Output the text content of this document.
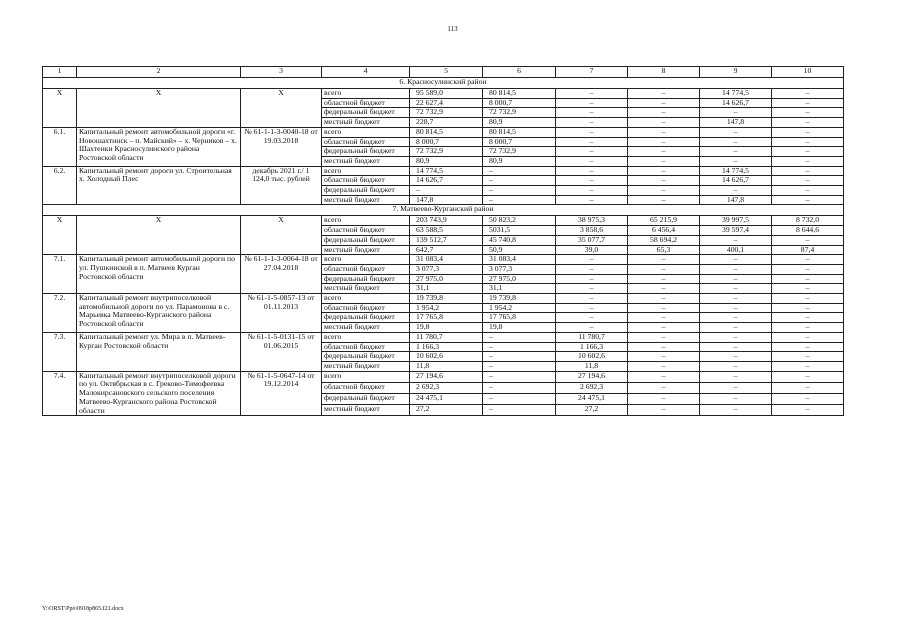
113
1	2	3	4	5	6	7	8	9	10
6. Красносулинский район									
Х	Х	Х	всего	95 589,0	80 814,5	–	–	14 774,5	–
			областной бюджет	22 627,4	8 000,7	–	–	14 626,7	–
			федеральный бюджет	72 732,9	72 732,9	–	–	–	–
			местный бюджет	228,7	80,9	–	–	147,8	–
6.1.	Капитальный ремонт автомобильной дороги «г. Новошахтинск – п. Майский» – х. Черников – х. Шахтенки Красносулинского района Ростовской области	№ 61-1-1-3-0040-18 от 19.03.2018	всего	80 814,5	80 814,5	–	–	–	–
			областной бюджет	8 000,7	8 000,7	–	–	–	–
			федеральный бюджет	72 732,9	72 732,9	–	–	–	–
			местный бюджет	80,9	80,9	–	–	–	–
6.2.	Капитальный ремонт дороги ул. Строительная х. Холодный Плес	декабрь 2021 г./ 1 124,0 тыс. рублей	всего	14 774,5	–	–	–	14 774,5	–
			областной бюджет	14 626,7	–	–	–	14 626,7	–
			федеральный бюджет	–	–	–	–	–	–
			местный бюджет	147,8	–	–	–	147,8	–
7. Матвеево-Курганский район									
Х	Х	Х	всего	203 743,9	50 823,2	38 975,3	65 215,9	39 997,5	8 732,0
			областной бюджет	63 588,5	5031,5	3 858,6	6 456,4	39 597,4	8 644,6
			федеральный бюджет	139 512,7	45 740,8	35 077,7	58 694,2	–	–
			местный бюджет	642,7	50,9	39,0	65,3	400,1	87,4
7.1.	Капитальный ремонт автомобильной дороги по ул. Пушкинской в п. Матвеев Курган Ростовской области	№ 61-1-1-3-0064-18 от 27.04.2018	всего	31 083,4	31 083,4	–	–	–	–
			областной бюджет	3 077,3	3 077,3	–	–	–	–
			федеральный бюджет	27 975,0	27 975,0	–	–	–	–
			местный бюджет	31,1	31,1	–	–	–	–
7.2.	Капитальный ремонт внутрипоселковой автомобильной дороги по ул. Парамонова в с. Марьевка Матвеево-Курганского района Ростовской области	№ 61-1-5-0857-13 от 01.11.2013	всего	19 739,8	19 739,8	–	–	–	–
			областной бюджет	1 954,2	1 954,2	–	–	–	–
			федеральный бюджет	17 765,8	17 765,8	–	–	–	–
			местный бюджет	19,8	19,8	–	–	–	–
7.3.	Капитальный ремонт ул. Мира в п. Матвеев-Курган Ростовской области	№ 61-1-5-0131-15 от 01.06.2015	всего	11 780,7	–	11 780,7	–	–	–
			областной бюджет	1 166,3	–	1 166,3	–	–	–
			федеральный бюджет	10 602,6	–	10 602,6	–	–	–
			местный бюджет	11,8	–	11,8	–	–	–
7.4.	Капитальный ремонт внутрипоселковой дороги по ул. Октябрьская в с. Грековo-Тимофеевка Малокирсановского сельского поселения Матвеево-Курганского района Ростовской области	№ 61-1-5-0647-14 от 19.12.2014	всего	27 194,6	–	27 194,6	–	–	–
			областной бюджет	2 692,3	–	2 692,3	–	–	–
			федеральный бюджет	24 475,1	–	24 475,1	–	–	–
			местный бюджет	27,2	–	27,2	–	–	–
Y:\ORST\Ppo\0918p865.f21.docx
